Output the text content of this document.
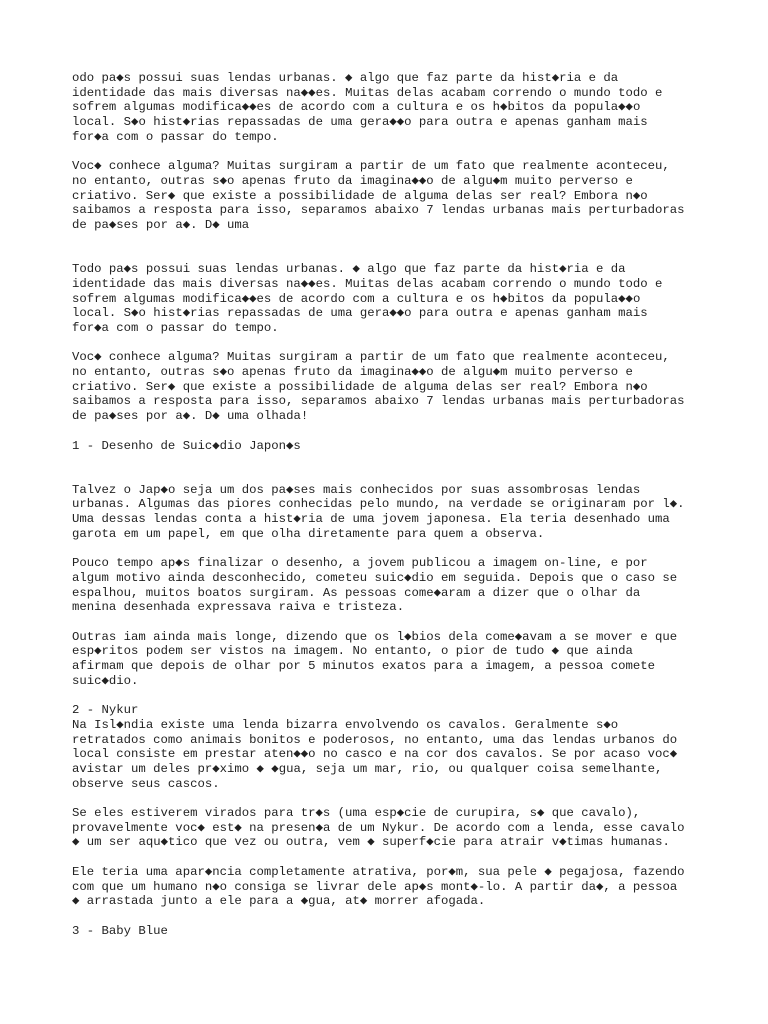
odo pa◆s possui suas lendas urbanas. ◆ algo que faz parte da hist◆ria e da
identidade das mais diversas na◆◆es. Muitas delas acabam correndo o mundo todo e
sofrem algumas modifica◆◆es de acordo com a cultura e os h◆bitos da popula◆◆o
local. S◆o hist◆rias repassadas de uma gera◆◆o para outra e apenas ganham mais
for◆a com o passar do tempo.

Voc◆ conhece alguma? Muitas surgiram a partir de um fato que realmente aconteceu,
no entanto, outras s◆o apenas fruto da imagina◆◆o de algu◆m muito perverso e
criativo. Ser◆ que existe a possibilidade de alguma delas ser real? Embora n◆o
saibamos a resposta para isso, separamos abaixo 7 lendas urbanas mais perturbadoras
de pa◆ses por a◆. D◆ uma

Todo pa◆s possui suas lendas urbanas. ◆ algo que faz parte da hist◆ria e da
identidade das mais diversas na◆◆es. Muitas delas acabam correndo o mundo todo e
sofrem algumas modifica◆◆es de acordo com a cultura e os h◆bitos da popula◆◆o
local. S◆o hist◆rias repassadas de uma gera◆◆o para outra e apenas ganham mais
for◆a com o passar do tempo.

Voc◆ conhece alguma? Muitas surgiram a partir de um fato que realmente aconteceu,
no entanto, outras s◆o apenas fruto da imagina◆◆o de algu◆m muito perverso e
criativo. Ser◆ que existe a possibilidade de alguma delas ser real? Embora n◆o
saibamos a resposta para isso, separamos abaixo 7 lendas urbanas mais perturbadoras
de pa◆ses por a◆. D◆ uma olhada!

1 - Desenho de Suic◆dio Japon◆s

Talvez o Jap◆o seja um dos pa◆ses mais conhecidos por suas assombrosas lendas
urbanas. Algumas das piores conhecidas pelo mundo, na verdade se originaram por l◆.
Uma dessas lendas conta a hist◆ria de uma jovem japonesa. Ela teria desenhado uma
garota em um papel, em que olha diretamente para quem a observa.

Pouco tempo ap◆s finalizar o desenho, a jovem publicou a imagem on-line, e por
algum motivo ainda desconhecido, cometeu suic◆dio em seguida. Depois que o caso se
espalhou, muitos boatos surgiram. As pessoas come◆aram a dizer que o olhar da
menina desenhada expressava raiva e tristeza.

Outras iam ainda mais longe, dizendo que os l◆bios dela come◆avam a se mover e que
esp◆ritos podem ser vistos na imagem. No entanto, o pior de tudo ◆ que ainda
afirmam que depois de olhar por 5 minutos exatos para a imagem, a pessoa comete
suic◆dio.

2 - Nykur
Na Isl◆ndia existe uma lenda bizarra envolvendo os cavalos. Geralmente s◆o
retratados como animais bonitos e poderosos, no entanto, uma das lendas urbanos do
local consiste em prestar aten◆◆o no casco e na cor dos cavalos. Se por acaso voc◆
avistar um deles pr◆ximo ◆ ◆gua, seja um mar, rio, ou qualquer coisa semelhante,
observe seus cascos.

Se eles estiverem virados para tr◆s (uma esp◆cie de curupira, s◆ que cavalo),
provavelmente voc◆ est◆ na presen◆a de um Nykur. De acordo com a lenda, esse cavalo
◆ um ser aqu◆tico que vez ou outra, vem ◆ superf◆cie para atrair v◆timas humanas.

Ele teria uma apar◆ncia completamente atrativa, por◆m, sua pele ◆ pegajosa, fazendo
com que um humano n◆o consiga se livrar dele ap◆s mont◆-lo. A partir da◆, a pessoa
◆ arrastada junto a ele para a ◆gua, at◆ morrer afogada.

3 - Baby Blue
